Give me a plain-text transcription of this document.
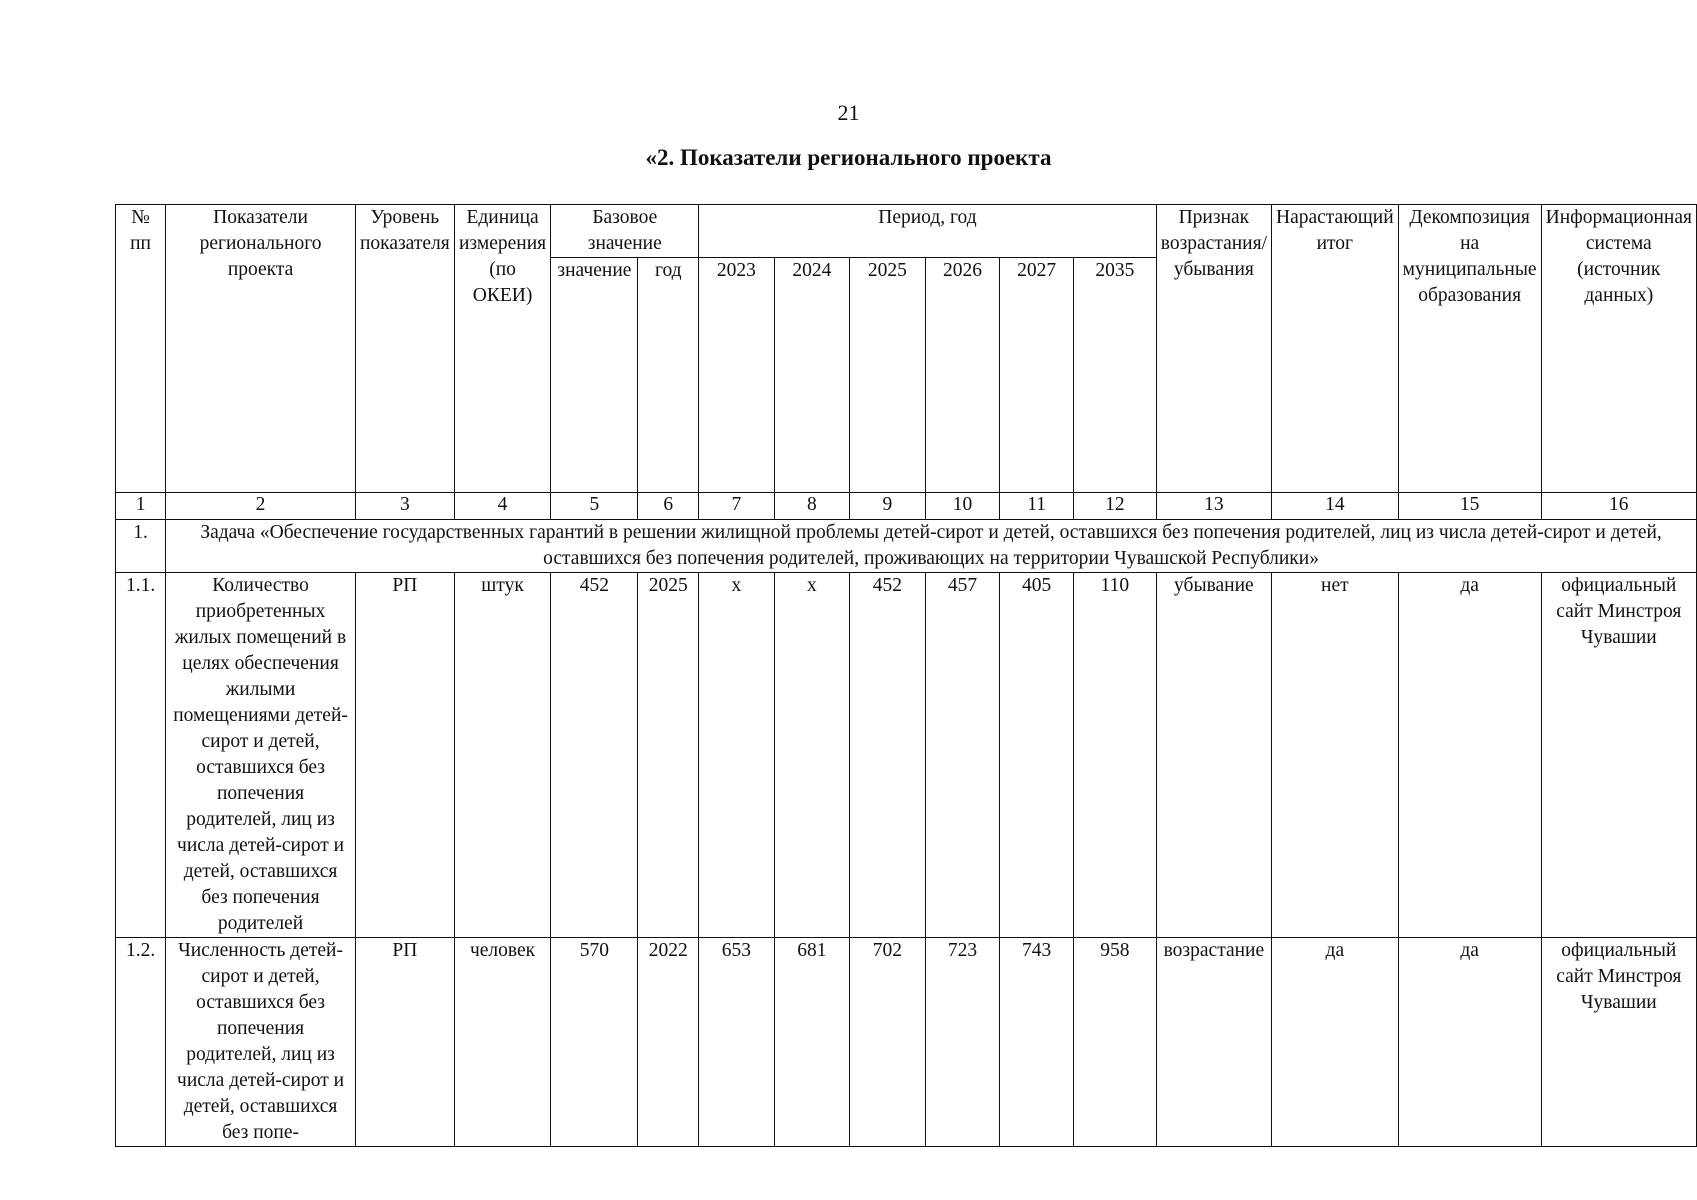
21
«2. Показатели регионального проекта
№ пп	Показатели регионального проекта	Уровень показателя	Единица измерения (по ОКЕИ)	Базовое значение		Период, год						Признак возрастания/ убывания	Нарастающий итог	Декомпозиция на муниципальные образования	Информационная система (источник данных)
				значение	год	2023	2024	2025	2026	2027	2035				
1	2	3	4	5	6	7	8	9	10	11	12	13	14	15	16
1.	Задача «Обеспечение государственных гарантий в решении жилищной проблемы детей-сирот и детей, оставшихся без попечения родителей, лиц из числа детей-сирот и детей, оставшихся без попечения родителей, проживающих на территории Чувашской Республики»														
1.1.	Количество приобретенных жилых помещений в целях обеспечения жилыми помещениями детей-сирот и детей, оставшихся без попечения родителей, лиц из числа детей-сирот и детей, оставшихся без попечения родителей	РП	штук	452	2025	х	х	452	457	405	110	убывание	нет	да	официальный сайт Минстроя Чувашии
1.2.	Численность детей-сирот и детей, оставшихся без попечения родителей, лиц из числа детей-сирот и детей, оставшихся без попе-	РП	человек	570	2022	653	681	702	723	743	958	возрастание	да	да	официальный сайт Минстроя Чувашии
